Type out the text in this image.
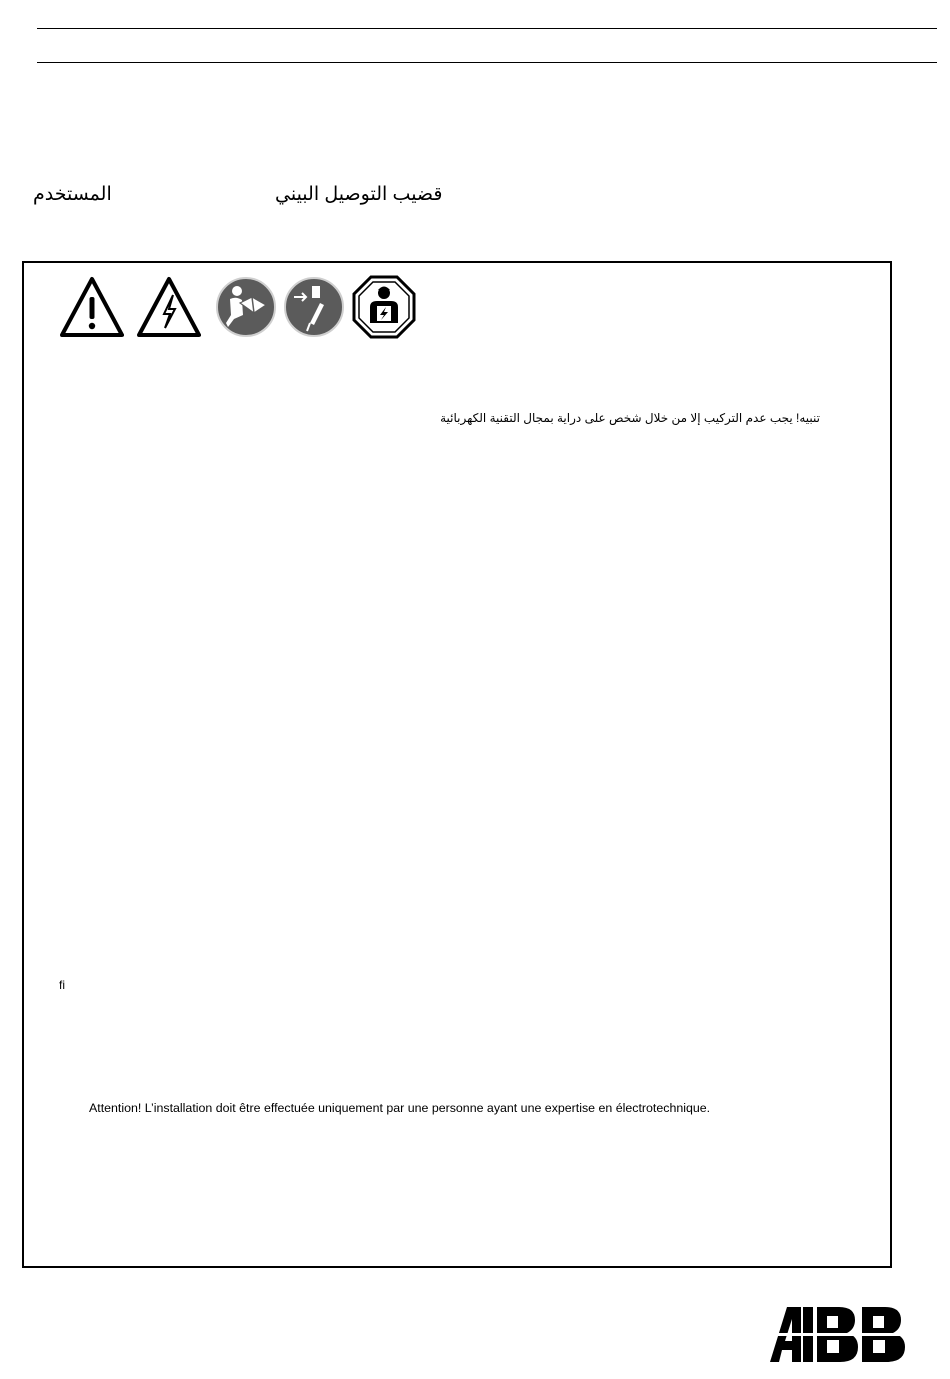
المستخدم	قضيب التوصيل البيني
تنبيه! يجب عدم التركيب إلا من خلال شخص على دراية بمجال التقنية الكهربائية
fi
Attention! L’installation doit être effectuée uniquement par une personne ayant une expertise en électrotechnique.
